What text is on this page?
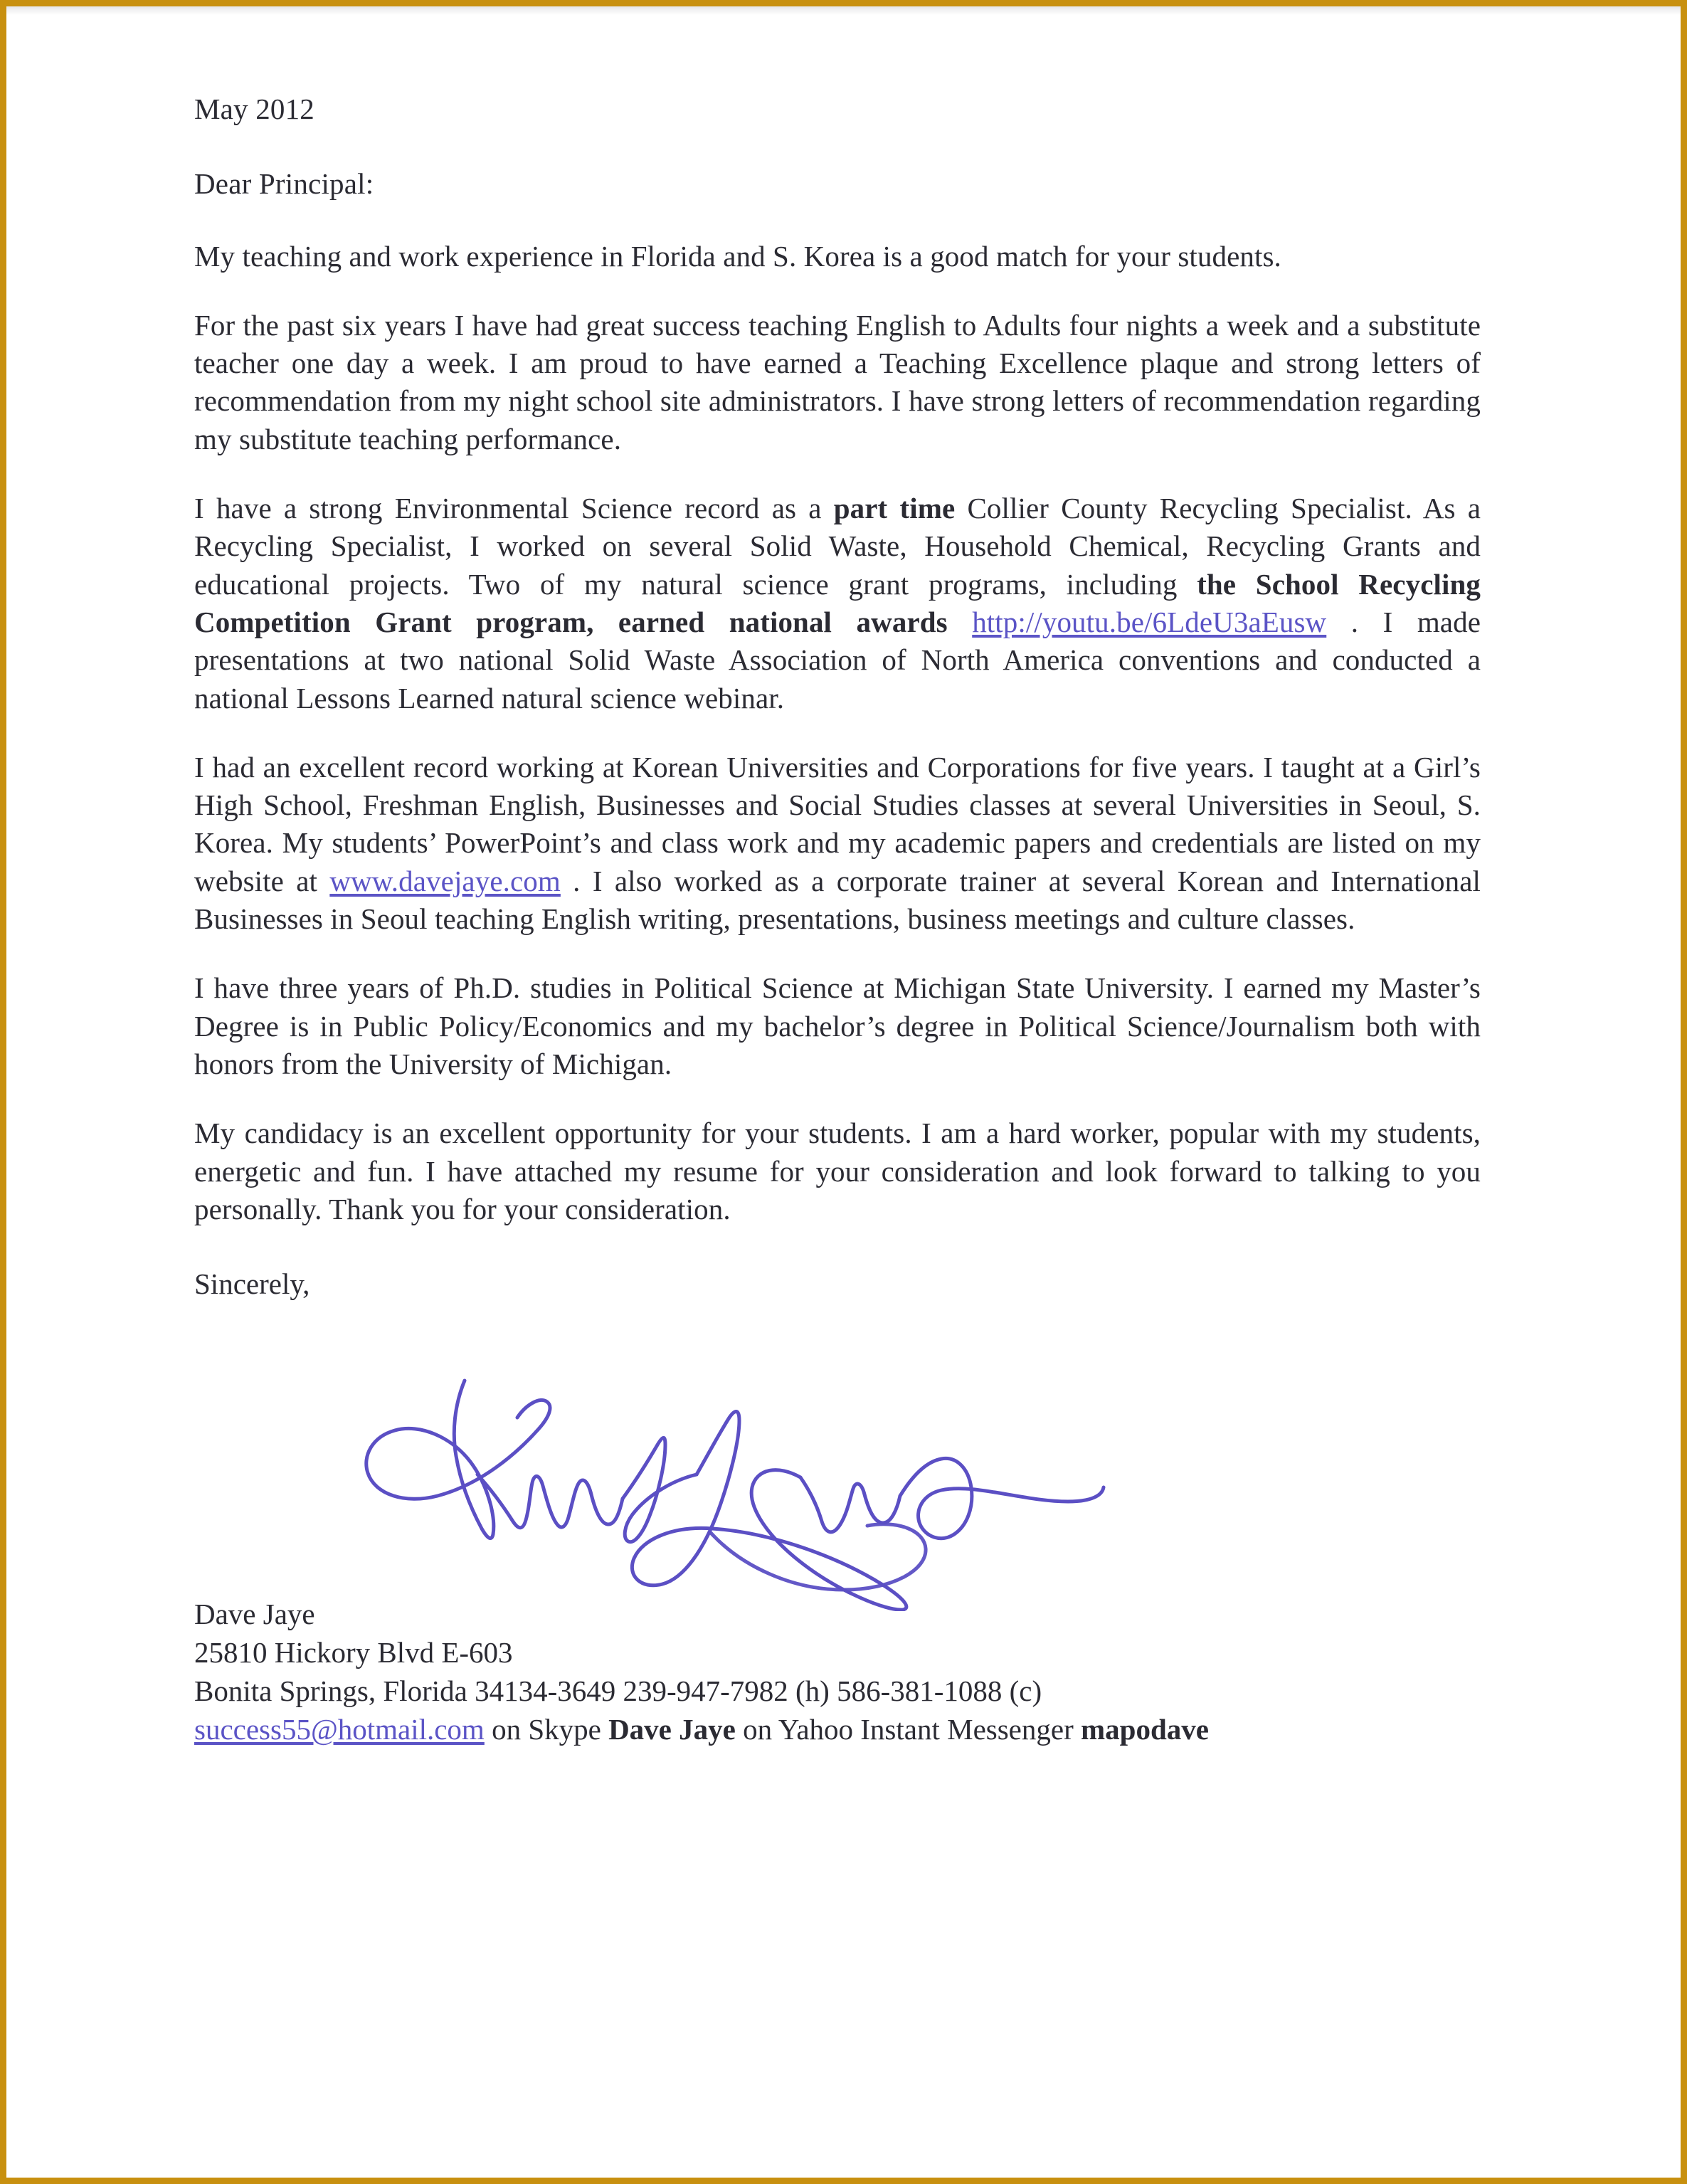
May 2012
Dear Principal:

My teaching and work experience in Florida and S. Korea is a good match for your students.

For the past six years I have had great success teaching English to Adults four nights a week and a substitute teacher one day a week. I am proud to have earned a Teaching Excellence plaque and strong letters of recommendation from my night school site administrators. I have strong letters of recommendation regarding my substitute teaching performance.

I have a strong Environmental Science record as a part time Collier County Recycling Specialist. As a Recycling Specialist, I worked on several Solid Waste, Household Chemical, Recycling Grants and educational projects. Two of my natural science grant programs, including the School Recycling Competition Grant program, earned national awards http://youtu.be/6LdeU3aEusw . I made presentations at two national Solid Waste Association of North America conventions and conducted a national Lessons Learned natural science webinar.

I had an excellent record working at Korean Universities and Corporations for five years. I taught at a Girl’s High School, Freshman English, Businesses and Social Studies classes at several Universities in Seoul, S. Korea. My students’ PowerPoint’s and class work and my academic papers and credentials are listed on my website at www.davejaye.com . I also worked as a corporate trainer at several Korean and International Businesses in Seoul teaching English writing, presentations, business meetings and culture classes.

I have three years of Ph.D. studies in Political Science at Michigan State University. I earned my Master’s Degree is in Public Policy/Economics and my bachelor’s degree in Political Science/Journalism both with honors from the University of Michigan.

My candidacy is an excellent opportunity for your students. I am a hard worker, popular with my students, energetic and fun. I have attached my resume for your consideration and look forward to talking to you personally. Thank you for your consideration.

Sincerely,
Dave Jaye
25810 Hickory Blvd E-603
Bonita Springs, Florida 34134-3649 239-947-7982 (h) 586-381-1088 (c)
success55@hotmail.com on Skype Dave Jaye on Yahoo Instant Messenger mapodave
